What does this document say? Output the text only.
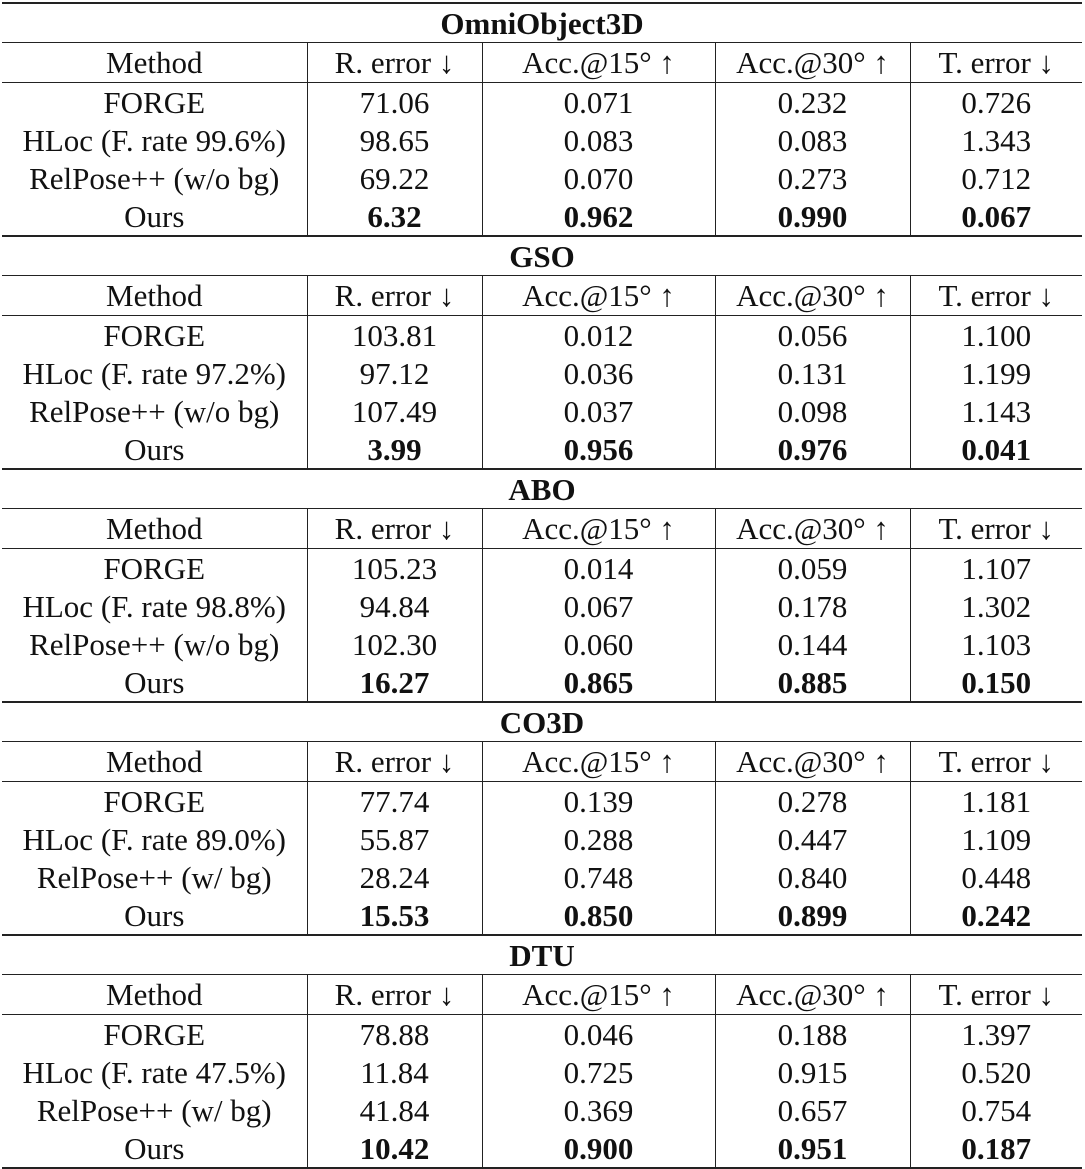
OmniObject3D				
Method	R. error ↓	Acc.@15° ↑	Acc.@30° ↑	T. error ↓
FORGE	71.06	0.071	0.232	0.726
HLoc (F. rate 99.6%)	98.65	0.083	0.083	1.343
RelPose++ (w/o bg)	69.22	0.070	0.273	0.712
Ours	6.32	0.962	0.990	0.067
GSO				
Method	R. error ↓	Acc.@15° ↑	Acc.@30° ↑	T. error ↓
FORGE	103.81	0.012	0.056	1.100
HLoc (F. rate 97.2%)	97.12	0.036	0.131	1.199
RelPose++ (w/o bg)	107.49	0.037	0.098	1.143
Ours	3.99	0.956	0.976	0.041
ABO				
Method	R. error ↓	Acc.@15° ↑	Acc.@30° ↑	T. error ↓
FORGE	105.23	0.014	0.059	1.107
HLoc (F. rate 98.8%)	94.84	0.067	0.178	1.302
RelPose++ (w/o bg)	102.30	0.060	0.144	1.103
Ours	16.27	0.865	0.885	0.150
CO3D				
Method	R. error ↓	Acc.@15° ↑	Acc.@30° ↑	T. error ↓
FORGE	77.74	0.139	0.278	1.181
HLoc (F. rate 89.0%)	55.87	0.288	0.447	1.109
RelPose++ (w/ bg)	28.24	0.748	0.840	0.448
Ours	15.53	0.850	0.899	0.242
DTU				
Method	R. error ↓	Acc.@15° ↑	Acc.@30° ↑	T. error ↓
FORGE	78.88	0.046	0.188	1.397
HLoc (F. rate 47.5%)	11.84	0.725	0.915	0.520
RelPose++ (w/ bg)	41.84	0.369	0.657	0.754
Ours	10.42	0.900	0.951	0.187
